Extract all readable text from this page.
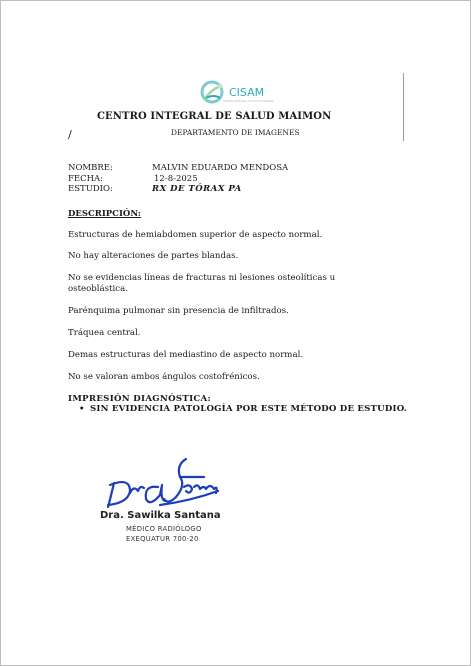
CISAM
CENTRO INTEGRAL DE SALUD MAIMON
CENTRO INTEGRAL DE SALUD MAIMON
/	DEPARTAMENTO DE IMAGENES
NOMBRE:	MALVIN EDUARDO MENDOSA
FECHA:	12-8-2025
ESTUDIO:	RX DE TÓRAX PA
DESCRIPCIÓN:
Estructuras de hemiabdomen superior de aspecto normal.
No hay alteraciones de partes blandas.
No se evidencias líneas de fracturas ni lesiones osteolíticas u osteoblástica.
Parénquima pulmonar sin presencia de infiltrados.
Tráquea central.
Demas estructuras del mediastino de aspecto normal.
No se valoran ambos ángulos costofrénicos.
IMPRESIÓN DIAGNÓSTICA:
• SIN EVIDENCIA PATOLOGÍA POR ESTE MÉTODO DE ESTUDIO.
Dra. Sawilka Santana
MÉDICO RADIÓLOGO
EXEQUATUR 700-20
